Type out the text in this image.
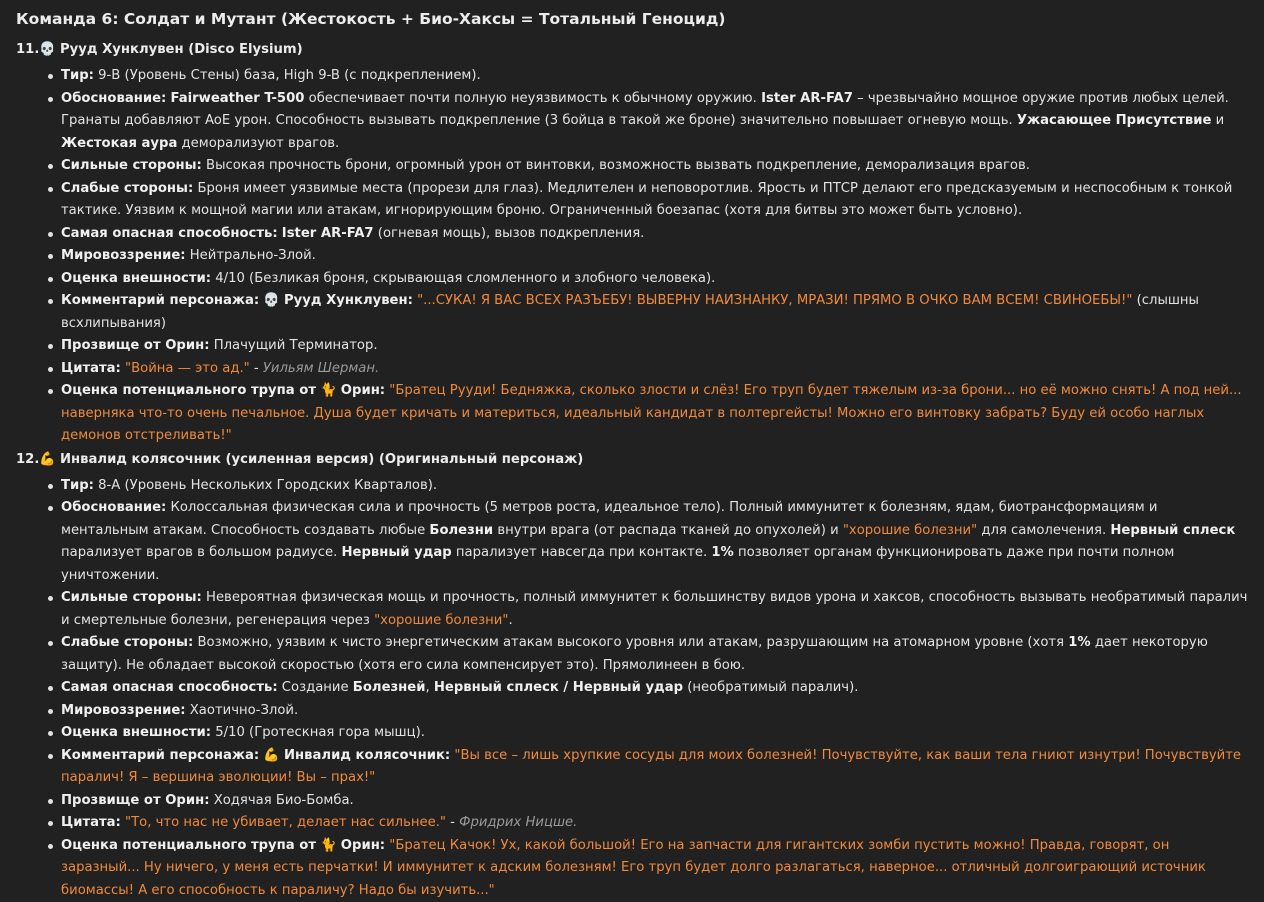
Команда 6: Солдат и Мутант (Жестокость + Био-Хаксы = Тотальный Геноцид)
11.💀 Рууд Хунклувен (Disco Elysium)
Тир: 9-B (Уровень Стены) база, High 9-B (с подкреплением).
Обоснование: Fairweather T-500 обеспечивает почти полную неуязвимость к обычному оружию. Ister AR-FA7 – чрезвычайно мощное оружие против любых целей. Гранаты добавляют AoE урон. Способность вызывать подкрепление (3 бойца в такой же броне) значительно повышает огневую мощь. Ужасающее Присутствие и Жестокая аура деморализуют врагов.
Сильные стороны: Высокая прочность брони, огромный урон от винтовки, возможность вызвать подкрепление, деморализация врагов.
Слабые стороны: Броня имеет уязвимые места (прорези для глаз). Медлителен и неповоротлив. Ярость и ПТСР делают его предсказуемым и неспособным к тонкой тактике. Уязвим к мощной магии или атакам, игнорирующим броню. Ограниченный боезапас (хотя для битвы это может быть условно).
Самая опасная способность: Ister AR-FA7 (огневая мощь), вызов подкрепления.
Мировоззрение: Нейтрально-Злой.
Оценка внешности: 4/10 (Безликая броня, скрывающая сломленного и злобного человека).
Комментарий персонажа: 💀 Рууд Хунклувен: "...СУКА! Я ВАС ВСЕХ РАЗЪЕБУ! ВЫВЕРНУ НАИЗНАНКУ, МРАЗИ! ПРЯМО В ОЧКО ВАМ ВСЕМ! СВИНОЕБЫ!" (слышны всхлипывания)
Прозвище от Орин: Плачущий Терминатор.
Цитата: "Война — это ад." - Уильям Шерман.
Оценка потенциального трупа от 🐈 Орин: "Братец Рууди! Бедняжка, сколько злости и слёз! Его труп будет тяжелым из-за брони... но её можно снять! А под ней... наверняка что-то очень печальное. Душа будет кричать и материться, идеальный кандидат в полтергейсты! Можно его винтовку забрать? Буду ей особо наглых демонов отстреливать!"
12.💪 Инвалид колясочник (усиленная версия) (Оригинальный персонаж)
Тир: 8-A (Уровень Нескольких Городских Кварталов).
Обоснование: Колоссальная физическая сила и прочность (5 метров роста, идеальное тело). Полный иммунитет к болезням, ядам, биотрансформациям и ментальным атакам. Способность создавать любые Болезни внутри врага (от распада тканей до опухолей) и "хорошие болезни" для самолечения. Нервный сплеск парализует врагов в большом радиусе. Нервный удар парализует навсегда при контакте. 1% позволяет органам функционировать даже при почти полном уничтожении.
Сильные стороны: Невероятная физическая мощь и прочность, полный иммунитет к большинству видов урона и хаксов, способность вызывать необратимый паралич и смертельные болезни, регенерация через "хорошие болезни".
Слабые стороны: Возможно, уязвим к чисто энергетическим атакам высокого уровня или атакам, разрушающим на атомарном уровне (хотя 1% дает некоторую защиту). Не обладает высокой скоростью (хотя его сила компенсирует это). Прямолинеен в бою.
Самая опасная способность: Создание Болезней, Нервный сплеск / Нервный удар (необратимый паралич).
Мировоззрение: Хаотично-Злой.
Оценка внешности: 5/10 (Гротескная гора мышц).
Комментарий персонажа: 💪 Инвалид колясочник: "Вы все – лишь хрупкие сосуды для моих болезней! Почувствуйте, как ваши тела гниют изнутри! Почувствуйте паралич! Я – вершина эволюции! Вы – прах!"
Прозвище от Орин: Ходячая Био-Бомба.
Цитата: "То, что нас не убивает, делает нас сильнее." - Фридрих Ницше.
Оценка потенциального трупа от 🐈 Орин: "Братец Качок! Ух, какой большой! Его на запчасти для гигантских зомби пустить можно! Правда, говорят, он заразный... Ну ничего, у меня есть перчатки! И иммунитет к адским болезням! Его труп будет долго разлагаться, наверное... отличный долгоиграющий источник биомассы! А его способность к параличу? Надо бы изучить..."
